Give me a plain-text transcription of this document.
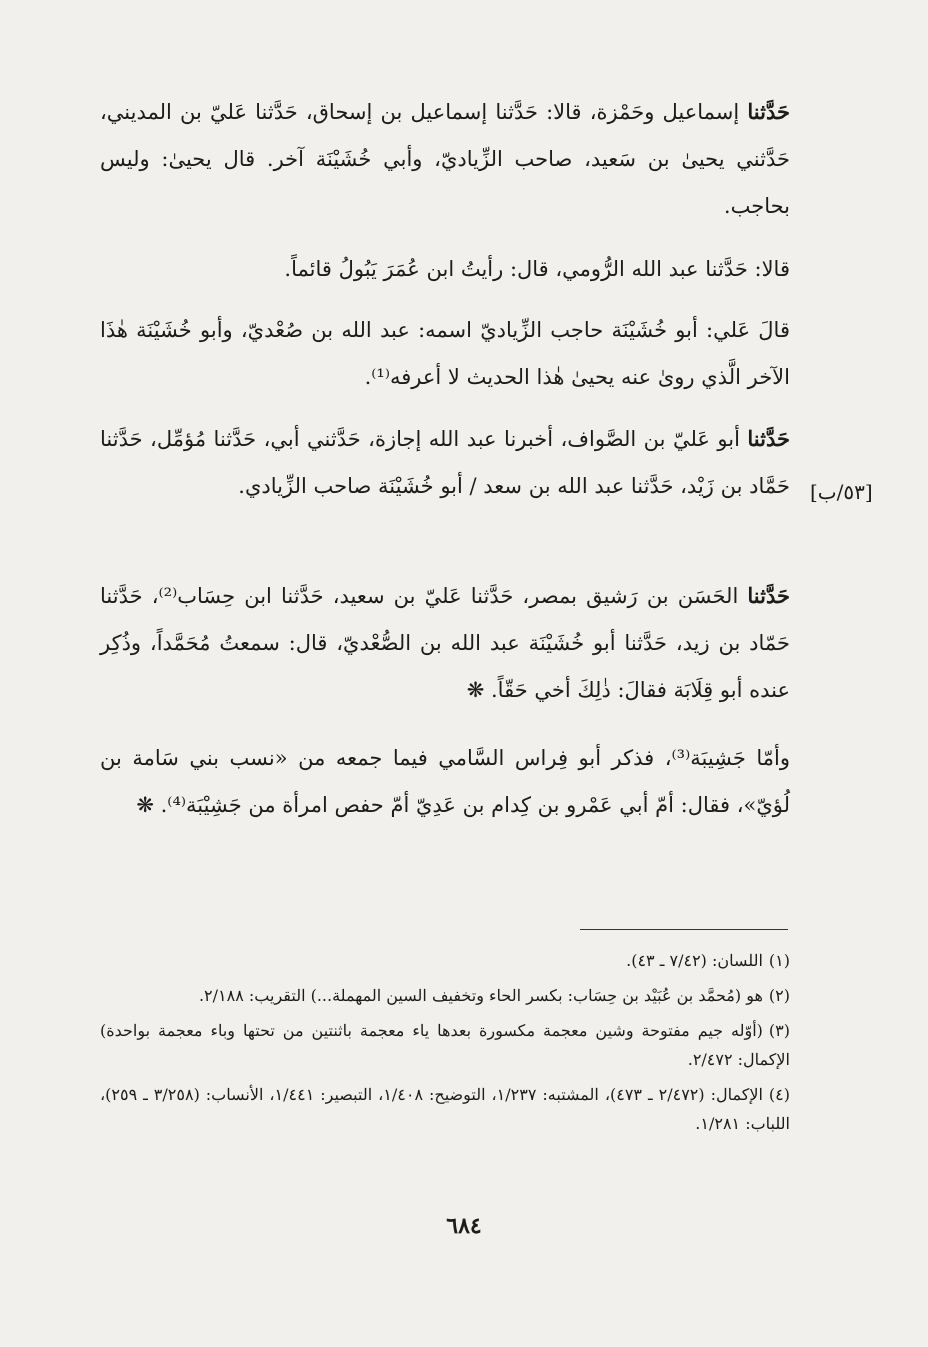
حَدَّثنا إسماعيل وحَمْزة، قالا: حَدَّثنا إسماعيل بن إسحاق، حَدَّثنا عَليّ بن المديني، حَدَّثني يحيىٰ بن سَعيد، صاحب الزِّياديّ، وأبي خُشَيْنَة آخر. قال يحيىٰ: وليس بحاجب.

قالا: حَدَّثنا عبد الله الرُّومي، قال: رأيتُ ابن عُمَرَ يَبُولُ قائماً.

قالَ عَلي: أبو خُشَيْنَة حاجب الزِّياديّ اسمه: عبد الله بن صُعْديّ، وأبو خُشَيْنَة هٰذَا الآخر الَّذي روىٰ عنه يحيىٰ هٰذا الحديث لا أعرفه⁽¹⁾.

حَدَّثنا أبو عَليّ بن الصَّواف، أخبرنا عبد الله إجازة، حَدَّثني أبي، حَدَّثنا مُؤمِّل، حَدَّثنا حَمَّاد بن زَيْد، حَدَّثنا عبد الله بن سعد / أبو خُشَيْنَة صاحب الزِّيادي. [٥٣/ب]

حَدَّثنا الحَسَن بن رَشيق بمصر، حَدَّثنا عَليّ بن سعيد، حَدَّثنا ابن حِسَاب⁽²⁾، حَدَّثنا حَمّاد بن زيد، حَدَّثنا أبو خُشَيْنَة عبد الله بن الصُّعْديّ، قال: سمعتُ مُحَمَّداً، وذُكِر عنده أبو قِلَابَة فقالَ: ذٰلِكَ أخي حَقّاً. ❋

وأمّا جَشِيبَة⁽³⁾، فذكر أبو فِراس السَّامي فيما جمعه من «نسب بني سَامة بن لُؤيّ»، فقال: أمّ أبي عَمْرو بن كِدام بن عَدِيّ أمّ حفص امرأة من جَشِيْبَة⁽⁴⁾. ❋

(١)اللسان: (٧/٤٢ ـ ٤٣).
(٢)هو (مُحمَّد بن عُبَيْد بن حِسَاب: بكسر الحاء وتخفيف السين المهملة...) التقريب: ٢/١٨٨.
(٣)(أوّله جيم مفتوحة وشين معجمة مكسورة بعدها ياء معجمة باثنتين من تحتها وباء معجمة بواحدة) الإكمال: ٢/٤٧٢.
(٤)الإكمال: (٢/٤٧٢ ـ ٤٧٣)، المشتبه: ١/٢٣٧، التوضيح: ١/٤٠٨، التبصير: ١/٤٤١، الأنساب: (٣/٢٥٨ ـ ٢٥٩)، اللباب: ١/٢٨١.
٦٨٤
